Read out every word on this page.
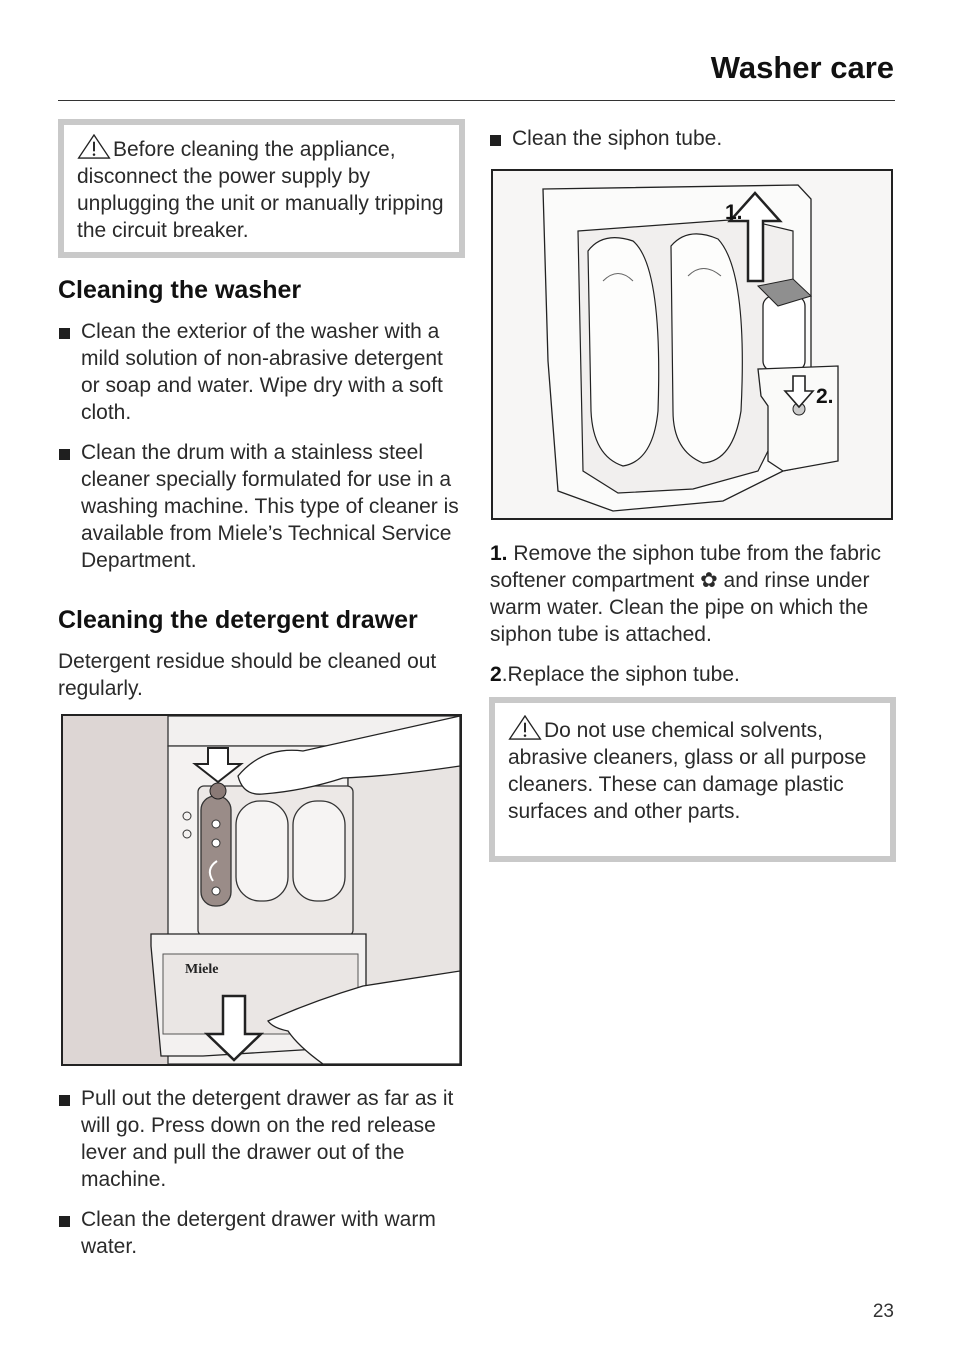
Washer care
Before cleaning the appliance, disconnect the power supply by unplugging the unit or manually tripping the circuit breaker.
Cleaning the washer
Clean the exterior of the washer with a mild solution of non-abrasive detergent or soap and water. Wipe dry with a soft cloth.
Clean the drum with a stainless steel cleaner specially formulated for use in a washing machine. This type of cleaner is available from Miele’s Technical Service Department.
Cleaning the detergent drawer

Detergent residue should be cleaned out regularly.

Miele
Pull out the detergent drawer as far as it will go. Press down on the red release lever and pull the drawer out of the machine.
Clean the detergent drawer with warm water.
Clean the siphon tube.
1.
2.

1. Remove the siphon tube from the fabric softener compartment ✿ and rinse under warm water. Clean the pipe on which the siphon tube is attached.

2.Replace the siphon tube.

Do not use chemical solvents, abrasive cleaners, glass or all purpose cleaners. These can damage plastic surfaces and other parts.
23
